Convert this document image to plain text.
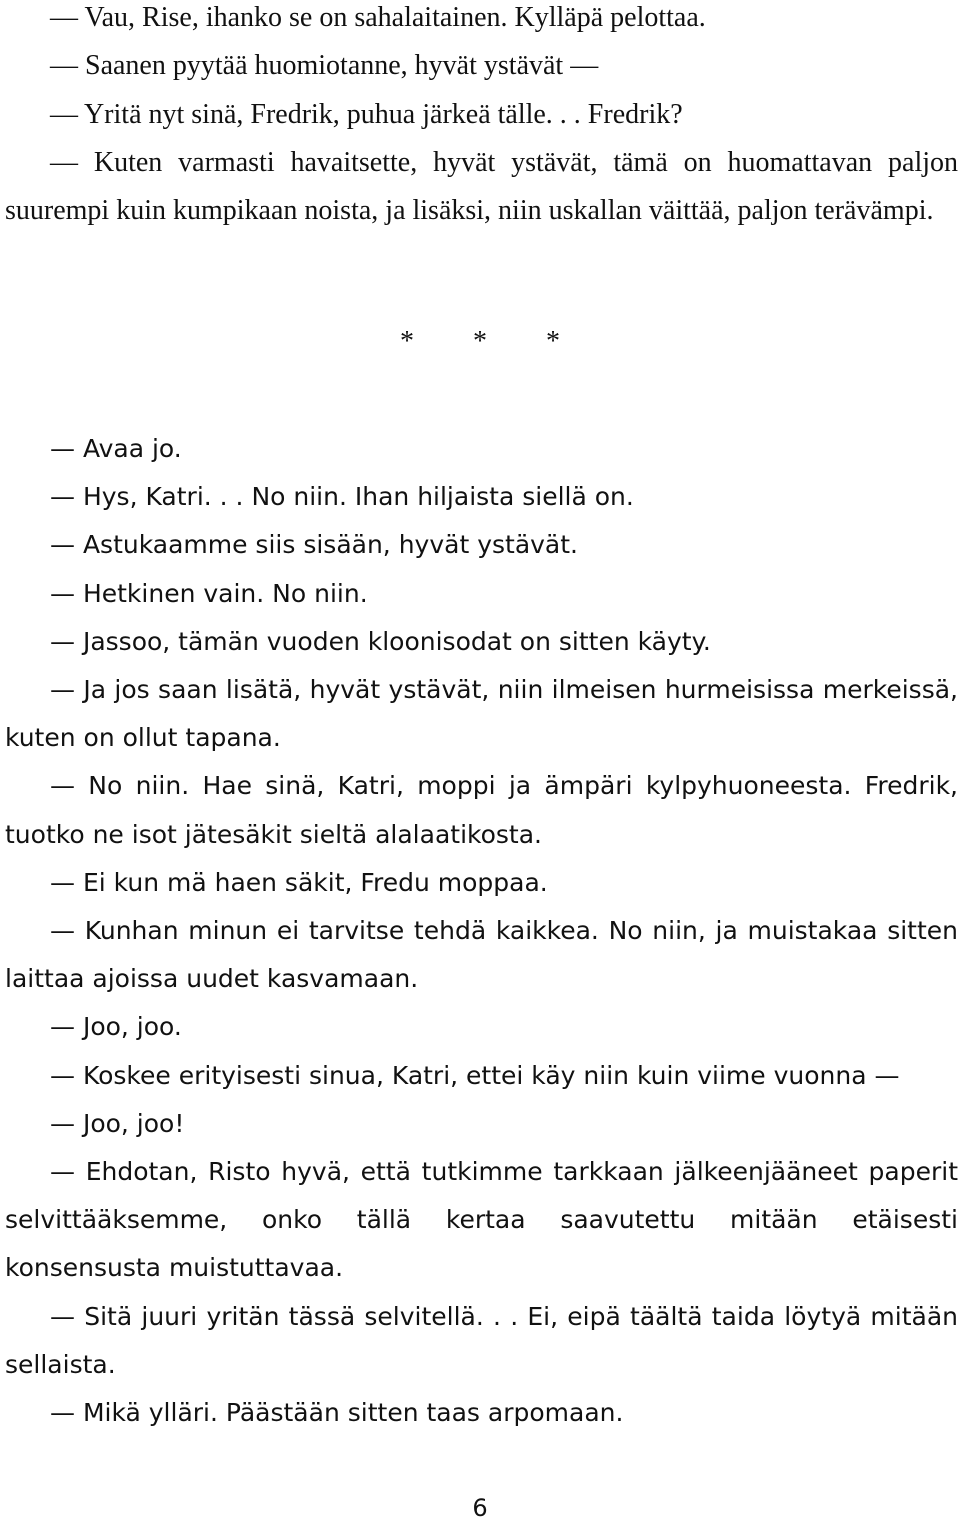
— Vau, Rise, ihanko se on sahalaitainen. Kylläpä pelottaa.

— Saanen pyytää huomiotanne, hyvät ystävät —

— Yritä nyt sinä, Fredrik, puhua järkeä tälle. . . Fredrik?

— Kuten varmasti havaitsette, hyvät ystävät, tämä on huomattavan paljon suurempi kuin kumpikaan noista, ja lisäksi, niin uskallan väittää, paljon terävämpi.

* * *

— Avaa jo.

— Hys, Katri. . . No niin. Ihan hiljaista siellä on.

— Astukaamme siis sisään, hyvät ystävät.

— Hetkinen vain. No niin.

— Jassoo, tämän vuoden kloonisodat on sitten käyty.

— Ja jos saan lisätä, hyvät ystävät, niin ilmeisen hurmeisissa merkeissä, kuten on ollut tapana.

— No niin. Hae sinä, Katri, moppi ja ämpäri kylpyhuoneesta. Fredrik, tuotko ne isot jätesäkit sieltä alalaatikosta.

— Ei kun mä haen säkit, Fredu moppaa.

— Kunhan minun ei tarvitse tehdä kaikkea. No niin, ja muistakaa sitten laittaa ajoissa uudet kasvamaan.

— Joo, joo.

— Koskee erityisesti sinua, Katri, ettei käy niin kuin viime vuonna —

— Joo, joo!

— Ehdotan, Risto hyvä, että tutkimme tarkkaan jälkeenjääneet paperit selvittääksemme, onko tällä kertaa saavutettu mitään etäisesti konsensusta muistuttavaa.

— Sitä juuri yritän tässä selvitellä. . . Ei, eipä täältä taida löytyä mitään sellaista.

— Mikä ylläri. Päästään sitten taas arpomaan.

6
